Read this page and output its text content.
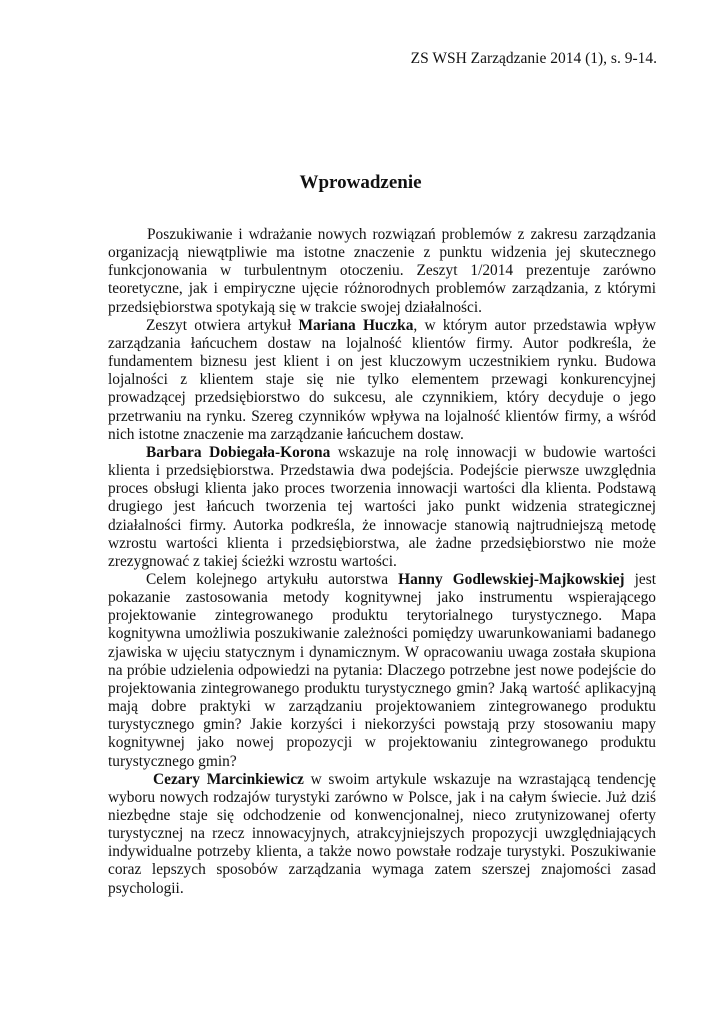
ZS WSH Zarządzanie 2014 (1), s. 9-14.
Wprowadzenie

Poszukiwanie i wdrażanie nowych rozwiązań problemów z zakresu zarządzania organizacją niewątpliwie ma istotne znaczenie z punktu widzenia jej skutecznego funkcjonowania w turbulentnym otoczeniu. Zeszyt 1/2014 prezentuje zarówno teoretyczne, jak i empiryczne ujęcie różnorodnych problemów zarządzania, z którymi przedsiębiorstwa spotykają się w trakcie swojej działalności.

Zeszyt otwiera artykuł Mariana Huczka, w którym autor przedstawia wpływ zarządzania łańcuchem dostaw na lojalność klientów firmy. Autor podkreśla, że fundamentem biznesu jest klient i on jest kluczowym uczestnikiem rynku. Budowa lojalności z klientem staje się nie tylko elementem przewagi konkurencyjnej prowadzącej przedsiębiorstwo do sukcesu, ale czynnikiem, który decyduje o jego przetrwaniu na rynku. Szereg czynników wpływa na lojalność klientów firmy, a wśród nich istotne znaczenie ma zarządzanie łańcuchem dostaw.

Barbara Dobiegała-Korona wskazuje na rolę innowacji w budowie wartości klienta i przedsiębiorstwa. Przedstawia dwa podejścia. Podejście pierwsze uwzględnia proces obsługi klienta jako proces tworzenia innowacji wartości dla klienta. Podstawą drugiego jest łańcuch tworzenia tej wartości jako punkt widzenia strategicznej działalności firmy. Autorka podkreśla, że innowacje stanowią najtrudniejszą metodę wzrostu wartości klienta i przedsiębiorstwa, ale żadne przedsiębiorstwo nie może zrezygnować z takiej ścieżki wzrostu wartości.

Celem kolejnego artykułu autorstwa Hanny Godlewskiej-Majkowskiej jest pokazanie zastosowania metody kognitywnej jako instrumentu wspierającego projektowanie zintegrowanego produktu terytorialnego turystycznego. Mapa kognitywna umożliwia poszukiwanie zależności pomiędzy uwarunkowaniami badanego zjawiska w ujęciu statycznym i dynamicznym. W opracowaniu uwaga została skupiona na próbie udzielenia odpowiedzi na pytania: Dlaczego potrzebne jest nowe podejście do projektowania zintegrowanego produktu turystycznego gmin? Jaką wartość aplikacyjną mają dobre praktyki w zarządzaniu projektowaniem zintegrowanego produktu turystycznego gmin? Jakie korzyści i niekorzyści powstają przy stosowaniu mapy kognitywnej jako nowej propozycji w projektowaniu zintegrowanego produktu turystycznego gmin?

Cezary Marcinkiewicz w swoim artykule wskazuje na wzrastającą tendencję wyboru nowych rodzajów turystyki zarówno w Polsce, jak i na całym świecie. Już dziś niezbędne staje się odchodzenie od konwencjonalnej, nieco zrutynizowanej oferty turystycznej na rzecz innowacyjnych, atrakcyjniejszych propozycji uwzględniających indywidualne potrzeby klienta, a także nowo powstałe rodzaje turystyki. Poszukiwanie coraz lepszych sposobów zarządzania wymaga zatem szerszej znajomości zasad psychologii.
